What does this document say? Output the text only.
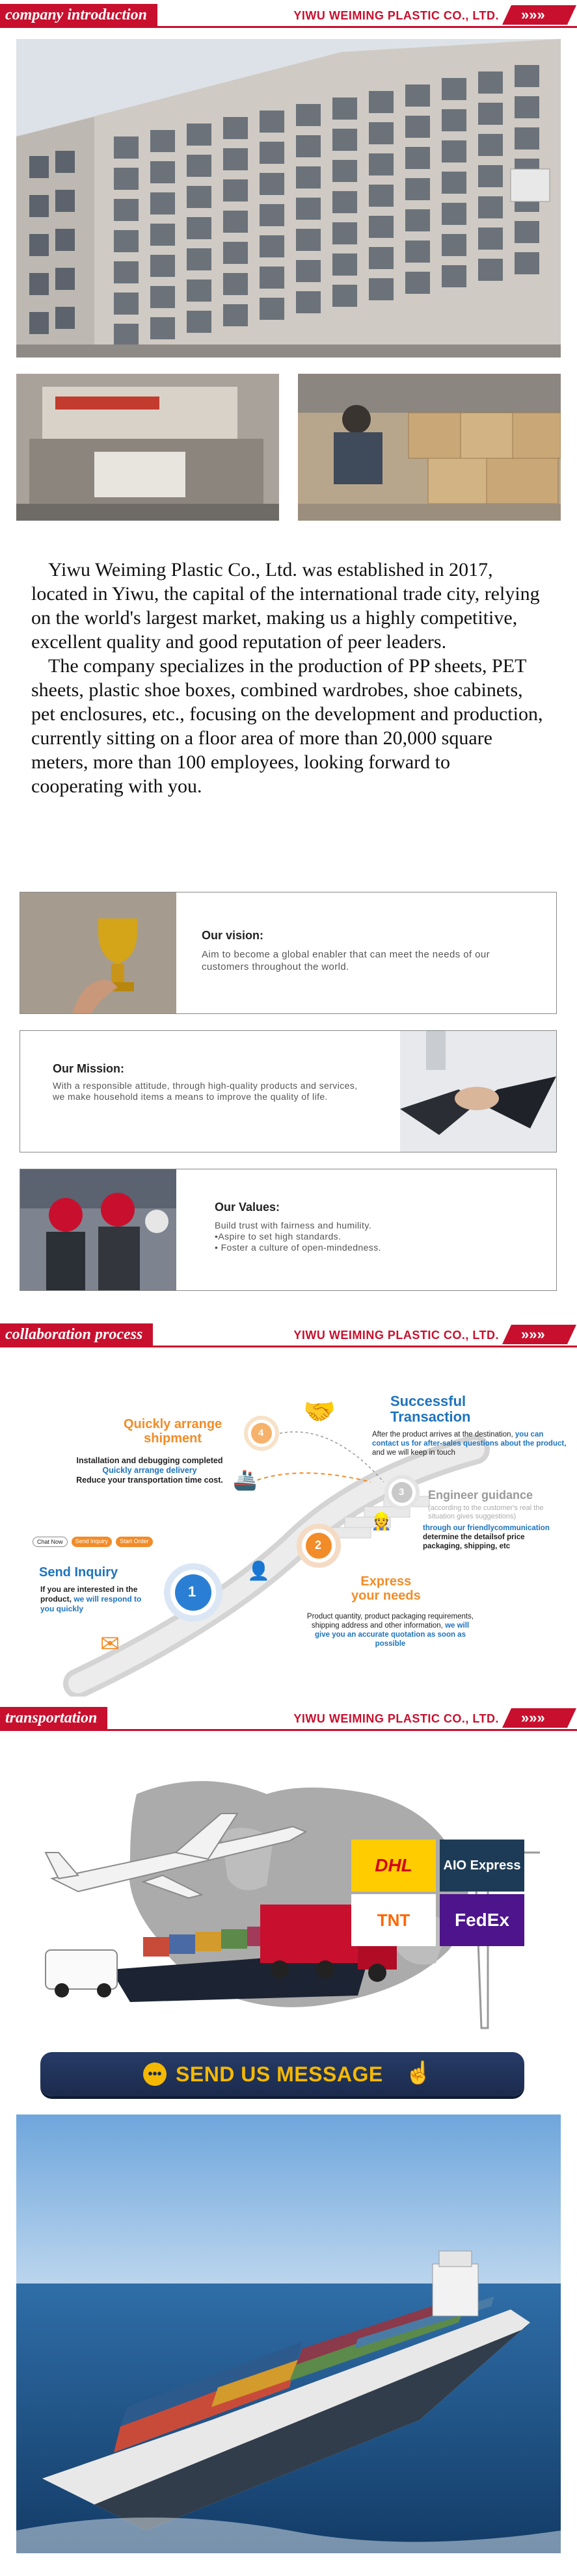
company introduction	YIWU WEIMING PLASTIC CO., LTD. »»»

Yiwu Weiming Plastic Co., Ltd. was established in 2017, located in Yiwu, the capital of the international trade city, relying on the world's largest market, making us a highly competitive, excellent quality and good reputation of peer leaders.

The company specializes in the production of PP sheets, PET sheets, plastic shoe boxes, combined wardrobes, shoe cabinets, pet enclosures, etc., focusing on the development and production, currently sitting on a floor area of more than 20,000 square meters, more than 100 employees, looking forward to cooperating with you.

Our vision:
Aim to become a global enabler that can meet the needs of our customers throughout the world.
Our Mission:
With a responsible attitude, through high-quality products and services, we make household items a means to improve the quality of life.
Our Values:
Build trust with fairness and humility.
•Aspire to set high standards.
• Foster a culture of open-mindedness.
collaboration process	YIWU WEIMING PLASTIC CO., LTD. »»»
1
2
3
4
🤝
🚢
👤
👷
✉
Successful
Transaction
After the product arrives at the destination, you can contact us for after-sales questions about the product, and we will keep in touch
Quickly arrange
shipment
Installation and debugging completed
Quickly arrange delivery
Reduce your transportation time cost.
Engineer guidance
(according to the customer's real the situation gives suggestions)
through our friendlycommunication
determine the detailsof price packaging, shipping, etc
Chat Now	Send Inquiry	Start Order
Send Inquiry
If you are interested in the product, we will respond to you quickly
Express
your needs
Product quantity, product packaging requirements, shipping address and other information, we will give you an accurate quotation as soon as possible
transportation	YIWU WEIMING PLASTIC CO., LTD. »»»
DHL	AIO Express
TNT	FedEx
••• SEND US MESSAGE ☝
